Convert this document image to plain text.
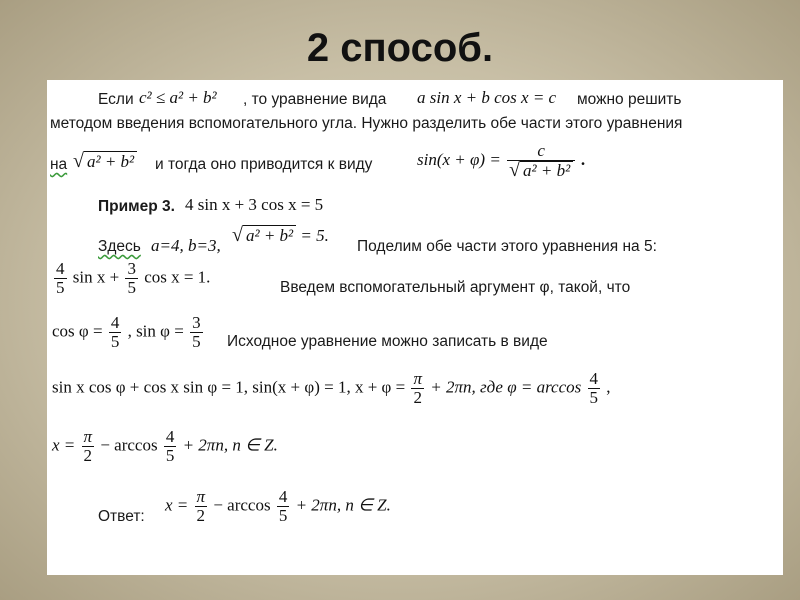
2 способ.
Если c² ≤ a² + b² , то уравнение вида a sin x + b cos x = c можно решить
методом введения вспомогательного угла. Нужно разделить обе части этого уравнения
на √ a² + b² и тогда оно приводится к виду	$\sin(x + \varphi) = \frac{c}{\text{√ a² + b²}}$ .
Пример 3. 4 sin x + 3 cos x = 5
Здесь a=4, b=3, √ a² + b² = 5.
Поделим обе части этого уравнения на 5:
$\frac{4}{5}$ $\sin x + \frac{3}{5}$ cos x = 1.
Введем вспомогательный аргумент φ, такой, что
$\cos \varphi = \frac{4}{5}$ , $\sin \varphi = \frac{3}{5}$ Исходное уравнение можно записать в виде
sin x cos φ + cos x sin φ = 1, sin(x + φ) = 1, $x + \varphi = \frac{\pi}{2} + 2\pi n$, где $\varphi = \arccos \frac{4}{5}$ ,
$x = \frac{\pi}{2} - \arccos \frac{4}{5} + 2\pi n$, n ∈ Z.
Ответ:
$x = \frac{\pi}{2} - \arccos \frac{4}{5} + 2\pi n$, n ∈ Z.
